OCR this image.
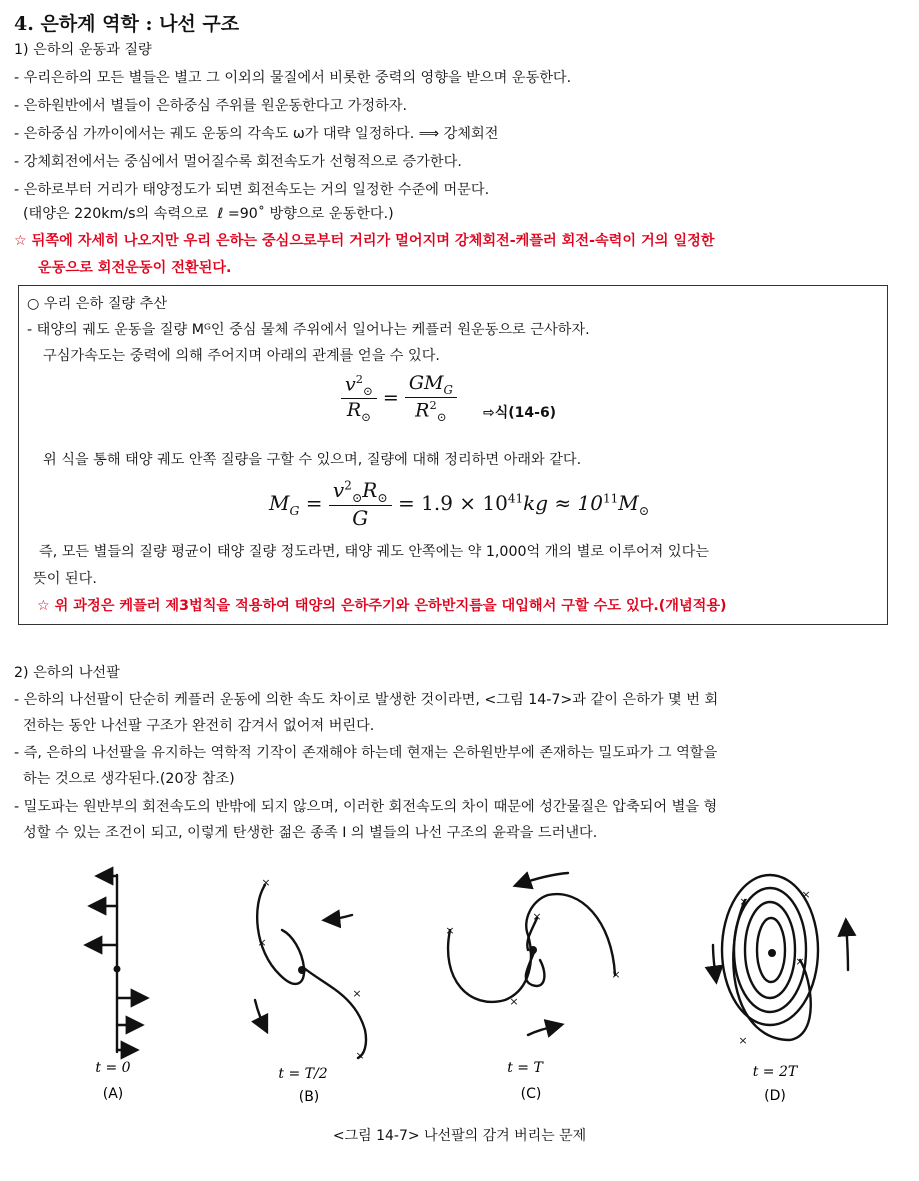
4. 은하계 역학 : 나선 구조
1) 은하의 운동과 질량
- 우리은하의 모든 별들은 별고 그 이외의 물질에서 비롯한 중력의 영향을 받으며 운동한다.
- 은하원반에서 별들이 은하중심 주위를 원운동한다고 가정하자.
- 은하중심 가까이에서는 궤도 운동의 각속도 ω가 대략 일정하다. ⟹ 강체회전
- 강체회전에서는 중심에서 멀어질수록 회전속도가 선형적으로 증가한다.
- 은하로부터 거리가 태양정도가 되면 회전속도는 거의 일정한 수준에 머문다.
(태양은 220km/s의 속력으로  ℓ =90˚ 방향으로 운동한다.)
☆ 뒤쪽에 자세히 나오지만 우리 은하는 중심으로부터 거리가 멀어지며 강체회전-케플러 회전-속력이 거의 일정한
운동으로 회전운동이 전환된다.
○ 우리 은하 질량 추산
- 태양의 궤도 운동을 질량 Mᴳ인 중심 물체 주위에서 일어나는 케플러 원운동으로 근사하자.
구심가속도는 중력에 의해 주어지며 아래의 관계를 얻을 수 있다.
$\frac{v^2_⊙}{R_⊙} = \frac{GM_G}{R^2_⊙}$ ⇨식(14-6)
위 식을 통해 태양 궤도 안쪽 질량을 구할 수 있으며, 질량에 대해 정리하면 아래와 같다.
$M_G = \frac{v^2_⊙R_⊙}{G} = 1.9 \times 10^{41}kg \approx 10^{11}M_⊙$
즉, 모든 별들의 질량 평균이 태양 질량 정도라면, 태양 궤도 안쪽에는 약 1,000억 개의 별로 이루어져 있다는
뜻이 된다.
☆ 위 과정은 케플러 제3법칙을 적용하여 태양의 은하주기와 은하반지름을 대입해서 구할 수도 있다.(개념적용)
2) 은하의 나선팔
- 은하의 나선팔이 단순히 케플러 운동에 의한 속도 차이로 발생한 것이라면, <그림 14-7>과 같이 은하가 몇 번 회
전하는 동안 나선팔 구조가 완전히 감겨서 없어져 버린다.
- 즉, 은하의 나선팔을 유지하는 역학적 기작이 존재해야 하는데 현재는 은하원반부에 존재하는 밀도파가 그 역할을
하는 것으로 생각된다.(20장 참조)
- 밀도파는 원반부의 회전속도의 반밖에 되지 않으며, 이러한 회전속도의 차이 때문에 성간물질은 압축되어 별을 형
성할 수 있는 조건이 되고, 이렇게 탄생한 젊은 종족 I 의 별들의 나선 구조의 윤곽을 드러낸다.
×
×
×
×
×
×
×
×
×
×
×
×
t = 0
(A)
t = T/2
(B)
t = T
(C)
t = 2T
(D)
<그림 14-7> 나선팔의 감겨 버리는 문제
